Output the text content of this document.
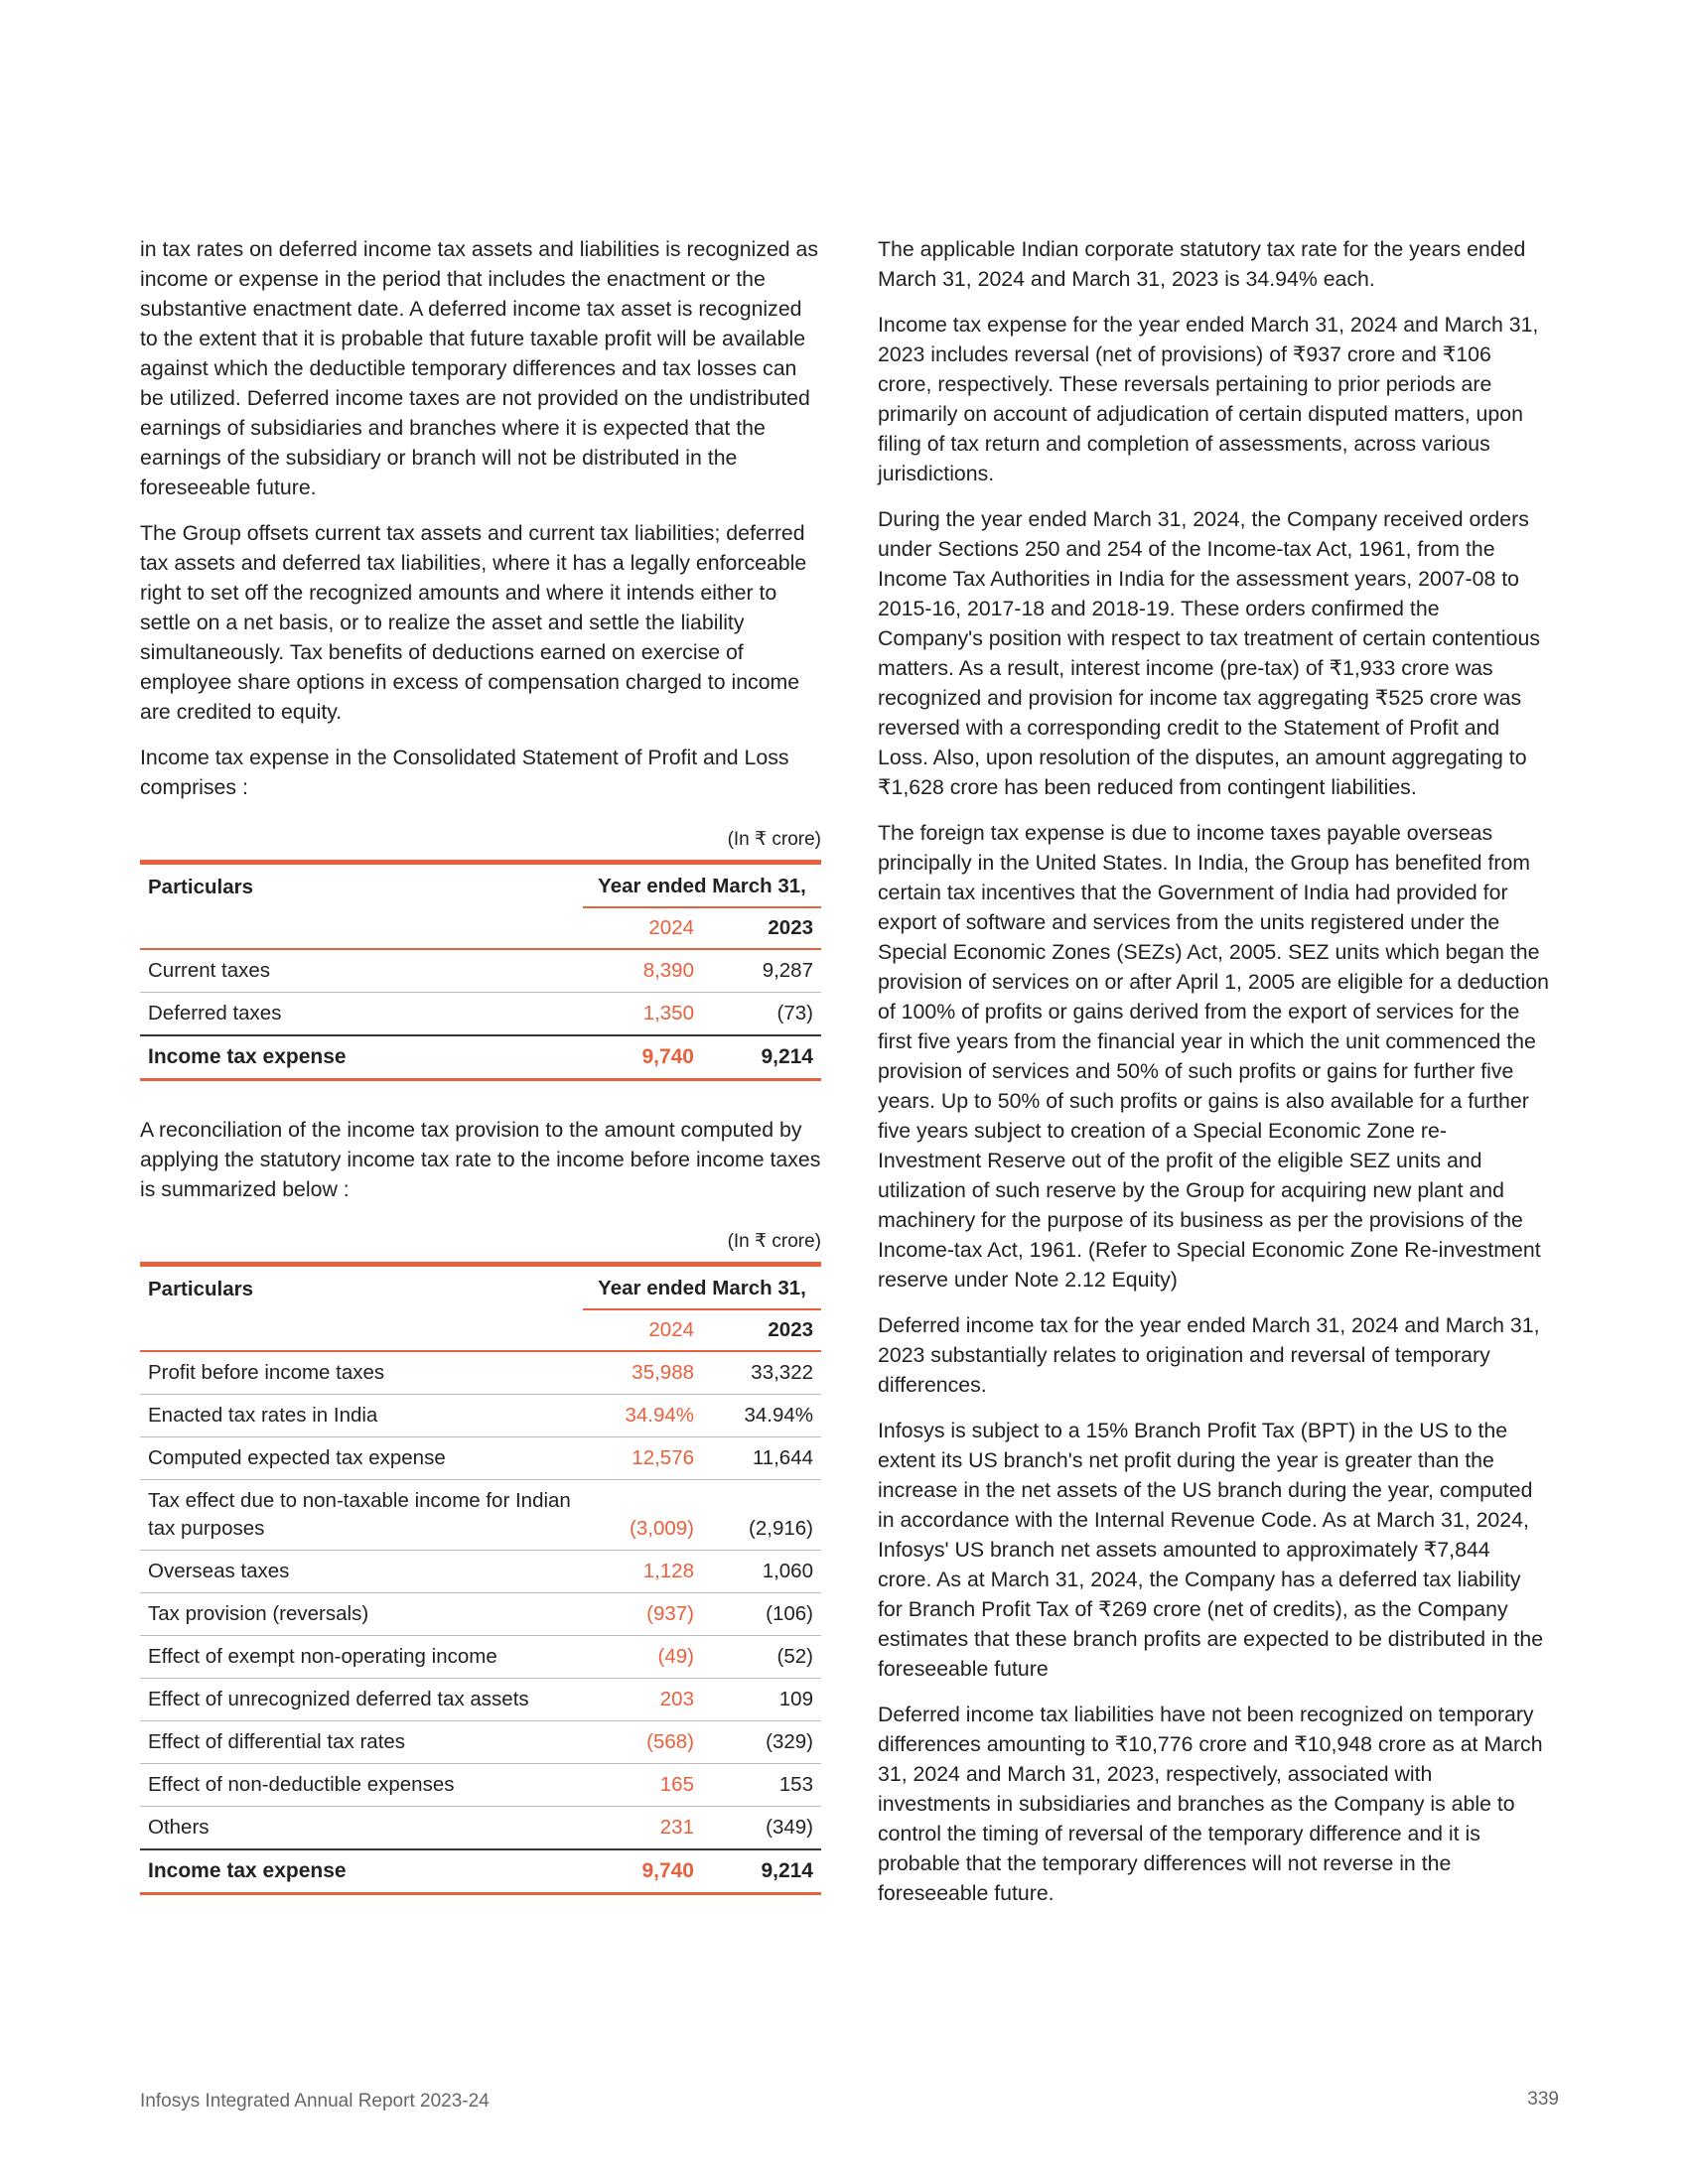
in tax rates on deferred income tax assets and liabilities is recognized as income or expense in the period that includes the enactment or the substantive enactment date. A deferred income tax asset is recognized to the extent that it is probable that future taxable profit will be available against which the deductible temporary differences and tax losses can be utilized. Deferred income taxes are not provided on the undistributed earnings of subsidiaries and branches where it is expected that the earnings of the subsidiary or branch will not be distributed in the foreseeable future.

The Group offsets current tax assets and current tax liabilities; deferred tax assets and deferred tax liabilities, where it has a legally enforceable right to set off the recognized amounts and where it intends either to settle on a net basis, or to realize the asset and settle the liability simultaneously. Tax benefits of deductions earned on exercise of employee share options in excess of compensation charged to income are credited to equity.

Income tax expense in the Consolidated Statement of Profit and Loss comprises :

(In ₹ crore)
Particulars	Year ended March 31,	
	2024	2023
Current taxes	8,390	9,287
Deferred taxes	1,350	(73)
Income tax expense	9,740	9,214

A reconciliation of the income tax provision to the amount computed by applying the statutory income tax rate to the income before income taxes is summarized below :

(In ₹ crore)
Particulars	Year ended March 31,	
	2024	2023
Profit before income taxes	35,988	33,322
Enacted tax rates in India	34.94%	34.94%
Computed expected tax expense	12,576	11,644
Tax effect due to non-taxable income for Indian tax purposes	(3,009)	(2,916)
Overseas taxes	1,128	1,060
Tax provision (reversals)	(937)	(106)
Effect of exempt non-operating income	(49)	(52)
Effect of unrecognized deferred tax assets	203	109
Effect of differential tax rates	(568)	(329)
Effect of non-deductible expenses	165	153
Others	231	(349)
Income tax expense	9,740	9,214

The applicable Indian corporate statutory tax rate for the years ended March 31, 2024 and March 31, 2023 is 34.94% each.

Income tax expense for the year ended March 31, 2024 and March 31, 2023 includes reversal (net of provisions) of ₹937 crore and ₹106 crore, respectively. These reversals pertaining to prior periods are primarily on account of adjudication of certain disputed matters, upon filing of tax return and completion of assessments, across various jurisdictions.

During the year ended March 31, 2024, the Company received orders under Sections 250 and 254 of the Income-tax Act, 1961, from the Income Tax Authorities in India for the assessment years, 2007-08 to 2015-16, 2017-18 and 2018-19. These orders confirmed the Company's position with respect to tax treatment of certain contentious matters. As a result, interest income (pre-tax) of ₹1,933 crore was recognized and provision for income tax aggregating ₹525 crore was reversed with a corresponding credit to the Statement of Profit and Loss. Also, upon resolution of the disputes, an amount aggregating to ₹1,628 crore has been reduced from contingent liabilities.

The foreign tax expense is due to income taxes payable overseas principally in the United States. In India, the Group has benefited from certain tax incentives that the Government of India had provided for export of software and services from the units registered under the Special Economic Zones (SEZs) Act, 2005. SEZ units which began the provision of services on or after April 1, 2005 are eligible for a deduction of 100% of profits or gains derived from the export of services for the first five years from the financial year in which the unit commenced the provision of services and 50% of such profits or gains for further five years. Up to 50% of such profits or gains is also available for a further five years subject to creation of a Special Economic Zone re-Investment Reserve out of the profit of the eligible SEZ units and utilization of such reserve by the Group for acquiring new plant and machinery for the purpose of its business as per the provisions of the Income-tax Act, 1961. (Refer to Special Economic Zone Re-investment reserve under Note 2.12 Equity)

Deferred income tax for the year ended March 31, 2024 and March 31, 2023 substantially relates to origination and reversal of temporary differences.

Infosys is subject to a 15% Branch Profit Tax (BPT) in the US to the extent its US branch's net profit during the year is greater than the increase in the net assets of the US branch during the year, computed in accordance with the Internal Revenue Code. As at March 31, 2024, Infosys' US branch net assets amounted to approximately ₹7,844 crore. As at March 31, 2024, the Company has a deferred tax liability for Branch Profit Tax of ₹269 crore (net of credits), as the Company estimates that these branch profits are expected to be distributed in the foreseeable future

Deferred income tax liabilities have not been recognized on temporary differences amounting to ₹10,776 crore and ₹10,948 crore as at March 31, 2024 and March 31, 2023, respectively, associated with investments in subsidiaries and branches as the Company is able to control the timing of reversal of the temporary difference and it is probable that the temporary differences will not reverse in the foreseeable future.

Infosys Integrated Annual Report 2023-24	339
